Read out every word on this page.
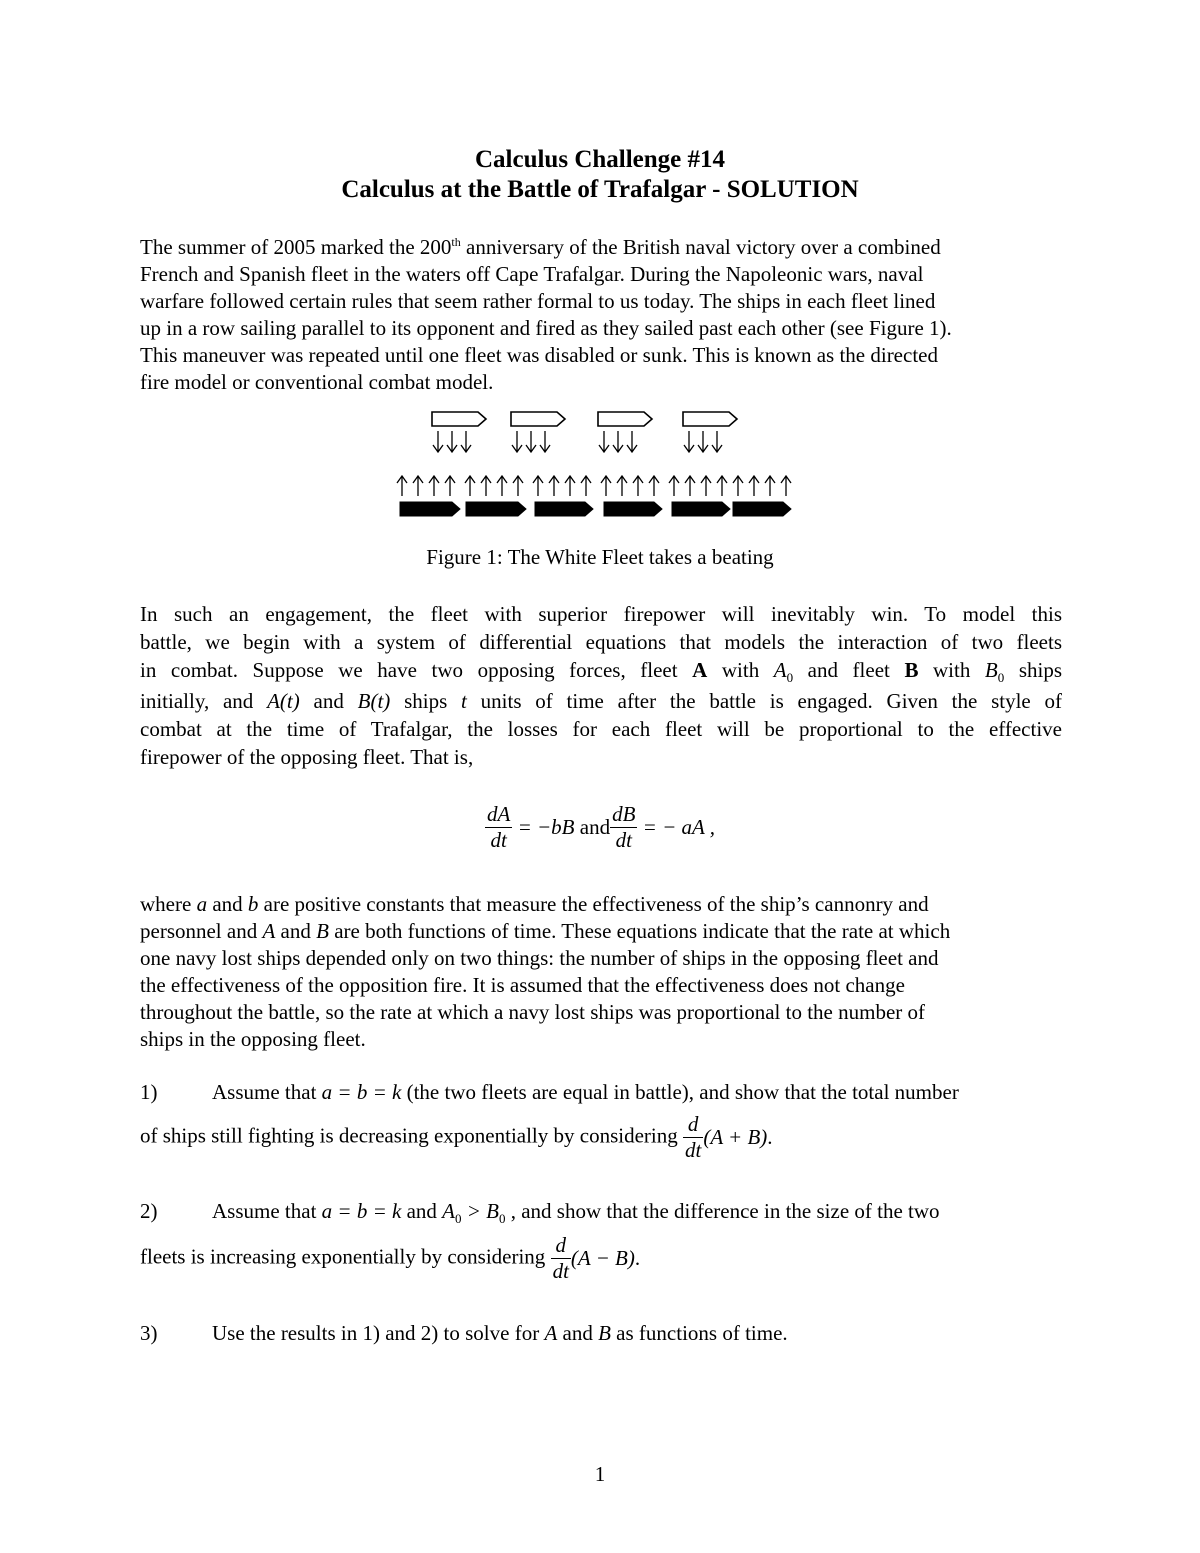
Calculus Challenge #14
Calculus at the Battle of Trafalgar - SOLUTION
The summer of 2005 marked the 200th anniversary of the British naval victory over a combined
French and Spanish fleet in the waters off Cape Trafalgar. During the Napoleonic wars, naval
warfare followed certain rules that seem rather formal to us today. The ships in each fleet lined
up in a row sailing parallel to its opponent and fired as they sailed past each other (see Figure 1).
This maneuver was repeated until one fleet was disabled or sunk. This is known as the directed
fire model or conventional combat model.
Figure 1: The White Fleet takes a beating
In such an engagement, the fleet with superior firepower will inevitably win. To model this
battle, we begin with a system of differential equations that models the interaction of two fleets
in combat. Suppose we have two opposing forces, fleet A with $A_0$ and fleet B with $B_0$ ships
initially, and A(t) and B(t) ships t units of time after the battle is engaged. Given the style of
combat at the time of Trafalgar, the losses for each fleet will be proportional to the effective
firepower of the opposing fleet. That is,
$\frac{dA}{dt} = -bB$ and $\frac{dB}{dt}$ = − aA ,
where a and b are positive constants that measure the effectiveness of the ship’s cannonry and
personnel and A and B are both functions of time. These equations indicate that the rate at which
one navy lost ships depended only on two things: the number of ships in the opposing fleet and
the effectiveness of the opposition fire. It is assumed that the effectiveness does not change
throughout the battle, so the rate at which a navy lost ships was proportional to the number of
ships in the opposing fleet.
1)	Assume that a = b = k (the two fleets are equal in battle), and show that the total number
of ships still fighting is decreasing exponentially by considering $\frac{d}{dt} (A + B)$.
2)	Assume that a = b = k and $A_0 > B_0$ , and show that the difference in the size of the two
fleets is increasing exponentially by considering $\frac{d}{dt} (A - B)$.
3)	Use the results in 1) and 2) to solve for A and B as functions of time.
1
